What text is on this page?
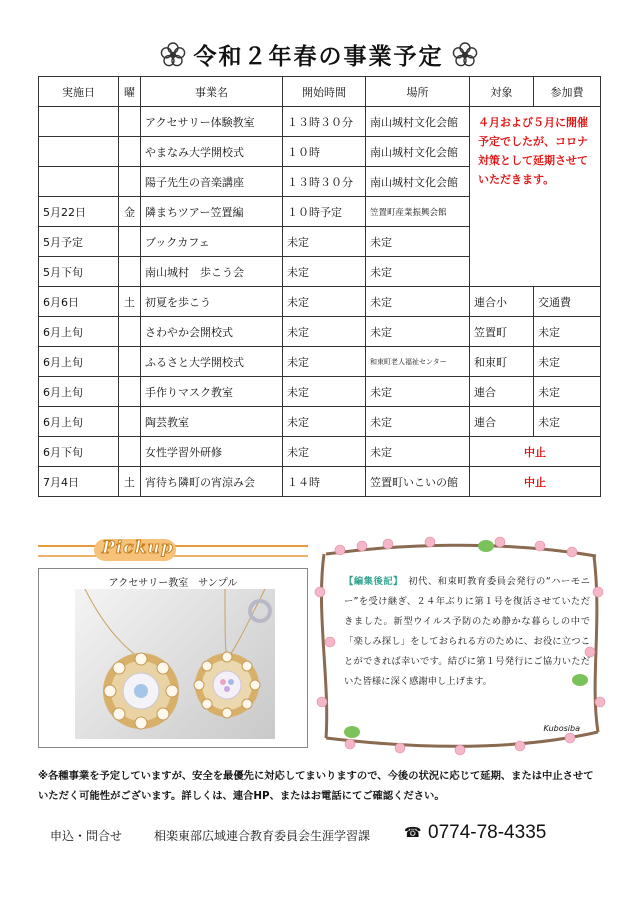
令和２年春の事業予定
実施日	曜	事業名	開始時間	場所	対象	参加費
		アクセサリー体験教室	１３時３０分	南山城村文化会館	４月および５月に開催予定でしたが、コロナ対策として延期させていただきます。	

		やまなみ大学開校式	１０時	南山城村文化会館		
		陽子先生の音楽講座	１３時３０分	南山城村文化会館		
5月22日	金	隣まちツアー笠置編	１０時予定	笠置町産業振興会館		
5月予定		ブックカフェ	未定	未定		
5月下旬		南山城村　歩こう会	未定	未定		
6月6日	土	初夏を歩こう	未定	未定	連合小	交通費
6月上旬		さわやか会開校式	未定	未定	笠置町	未定
6月上旬		ふるさと大学開校式	未定	和束町老人福祉センター	和束町	未定
6月上旬		手作りマスク教室	未定	未定	連合	未定
6月上旬		陶芸教室	未定	未定	連合	未定
6月下旬		女性学習外研修	未定	未定	中止	
7月4日	土	宵待ち隣町の宵涼み会	１４時	笠置町いこいの館	中止	
Pickup
アクセサリー教室　サンプル	【編集後記】　 初代、和束町教育委員会発行の“ハーモニー”を受け継ぎ、２４年ぶりに第１号を復活させていただきました。新型ウイルス予防のため静かな暮らしの中で「楽しみ探し」をしておられる方のために、お役に立つことができれば幸いです。結びに第１号発行にご協力いただいた皆様に深く感謝申し上げます。
Kubosiba
※各種事業を予定していますが、安全を最優先に対応してまいりますので、今後の状況に応じて延期、または中止させていただく可能性がございます。詳しくは、連合HP、またはお電話にてご確認ください。
申込・問合せ	相楽東部広域連合教育委員会生涯学習課 ☎ 0774-78-4335
